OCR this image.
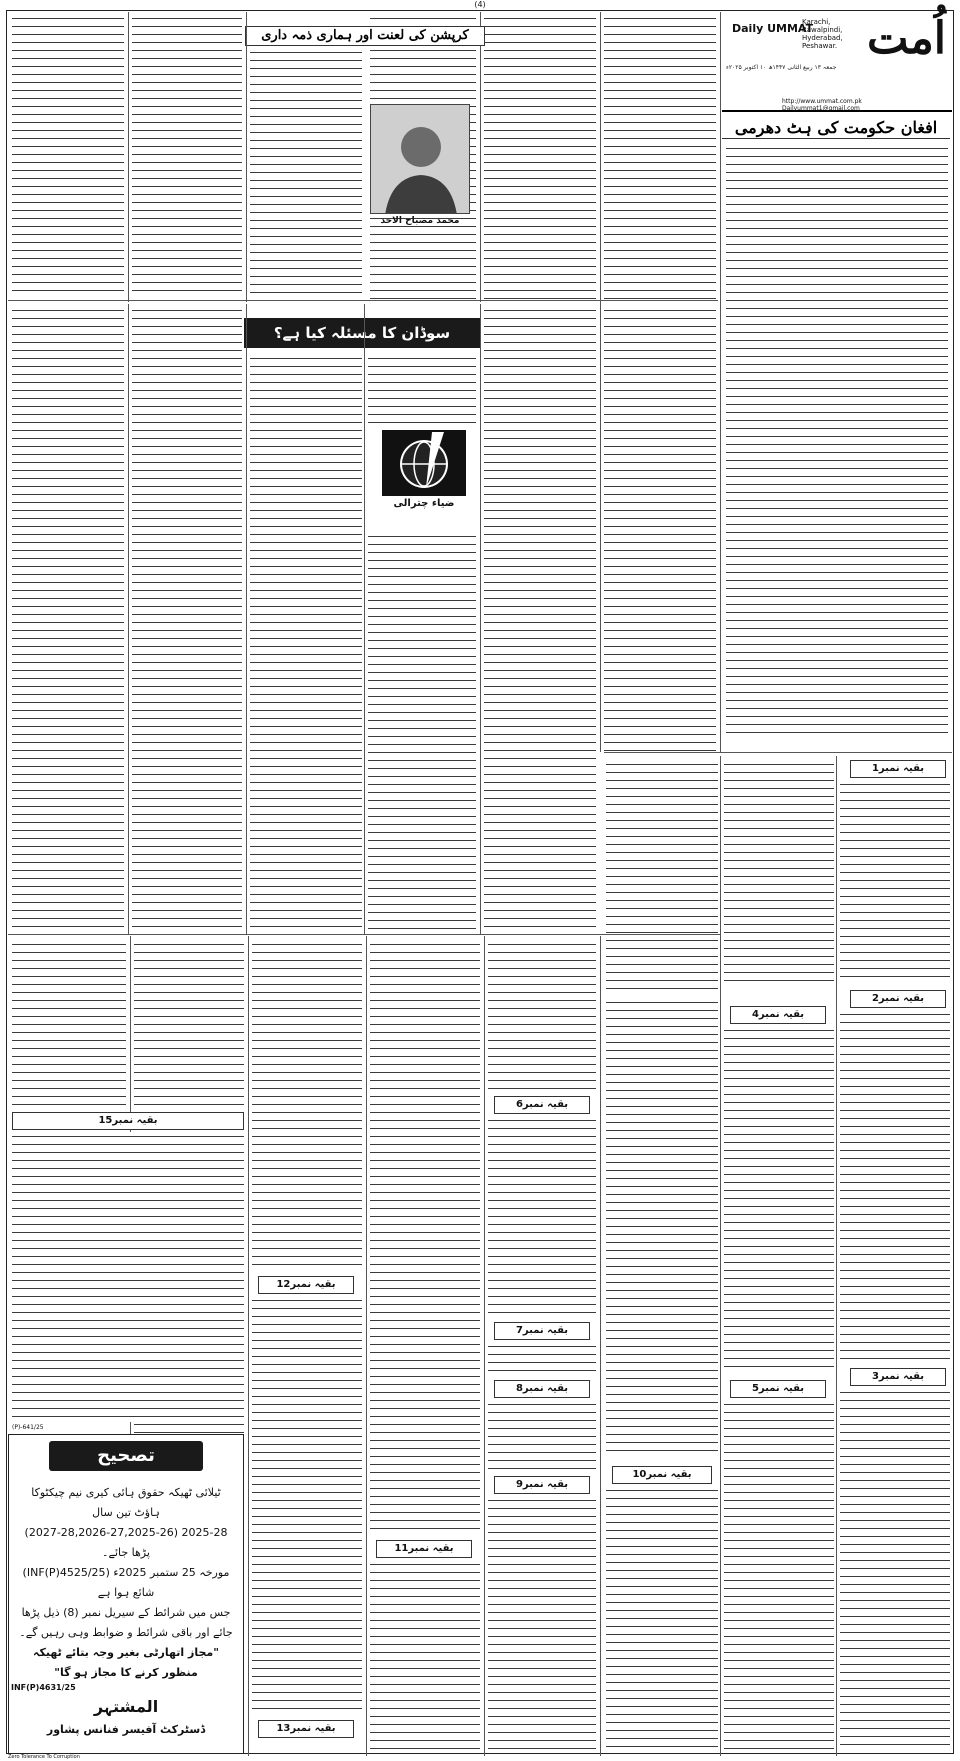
(4)
اُمت
Daily UMMAT
Karachi, Rawalpindi, Hyderabad, Peshawar.
جمعہ ۱۳ ربیع الثانی ۱۴۴۷ھ ۱۰ اکتوبر ۲۰۲۵ء
http://www.ummat.com.pk
Dailyummat1@gmail.com
افغان حکومت کی ہٹ دھرمی
کرپشن کی لعنت اور ہماری ذمہ داری
محمد مصباح الاحد
سوڈان کا مسئلہ کیا ہے؟
ضیاء چترالی
بقیہ نمبر1
بقیہ نمبر2
بقیہ نمبر3
بقیہ نمبر4
بقیہ نمبر5
بقیہ نمبر10
بقیہ نمبر6
بقیہ نمبر7
بقیہ نمبر8
بقیہ نمبر9
بقیہ نمبر11
بقیہ نمبر12
بقیہ نمبر13
بقیہ نمبر15
(P)-641/25
تصحیح
ٹیلائی ٹھیکہ حقوق ہائی کیری نیم چیکٹوکا ہاؤٹ تین سال
2025-28 (2027-28,2026-27,2025-26) پڑھا جائے۔
مورخہ 25 ستمبر 2025ء (INF(P)4525/25) شائع ہوا ہے
جس میں شرائط کے سیریل نمبر (8) ذیل پڑھا جائے اور باقی شرائط و ضوابط وہی رہیں گے۔
"مجاز اتھارٹی بغیر وجہ بتائے ٹھیکہ منظور کرنے کا مجاز ہو گا"
INF(P)4631/25
المشتہر
ڈسٹرکٹ آفیسر فنانس پشاور
Zero Tolerance To Corruption
